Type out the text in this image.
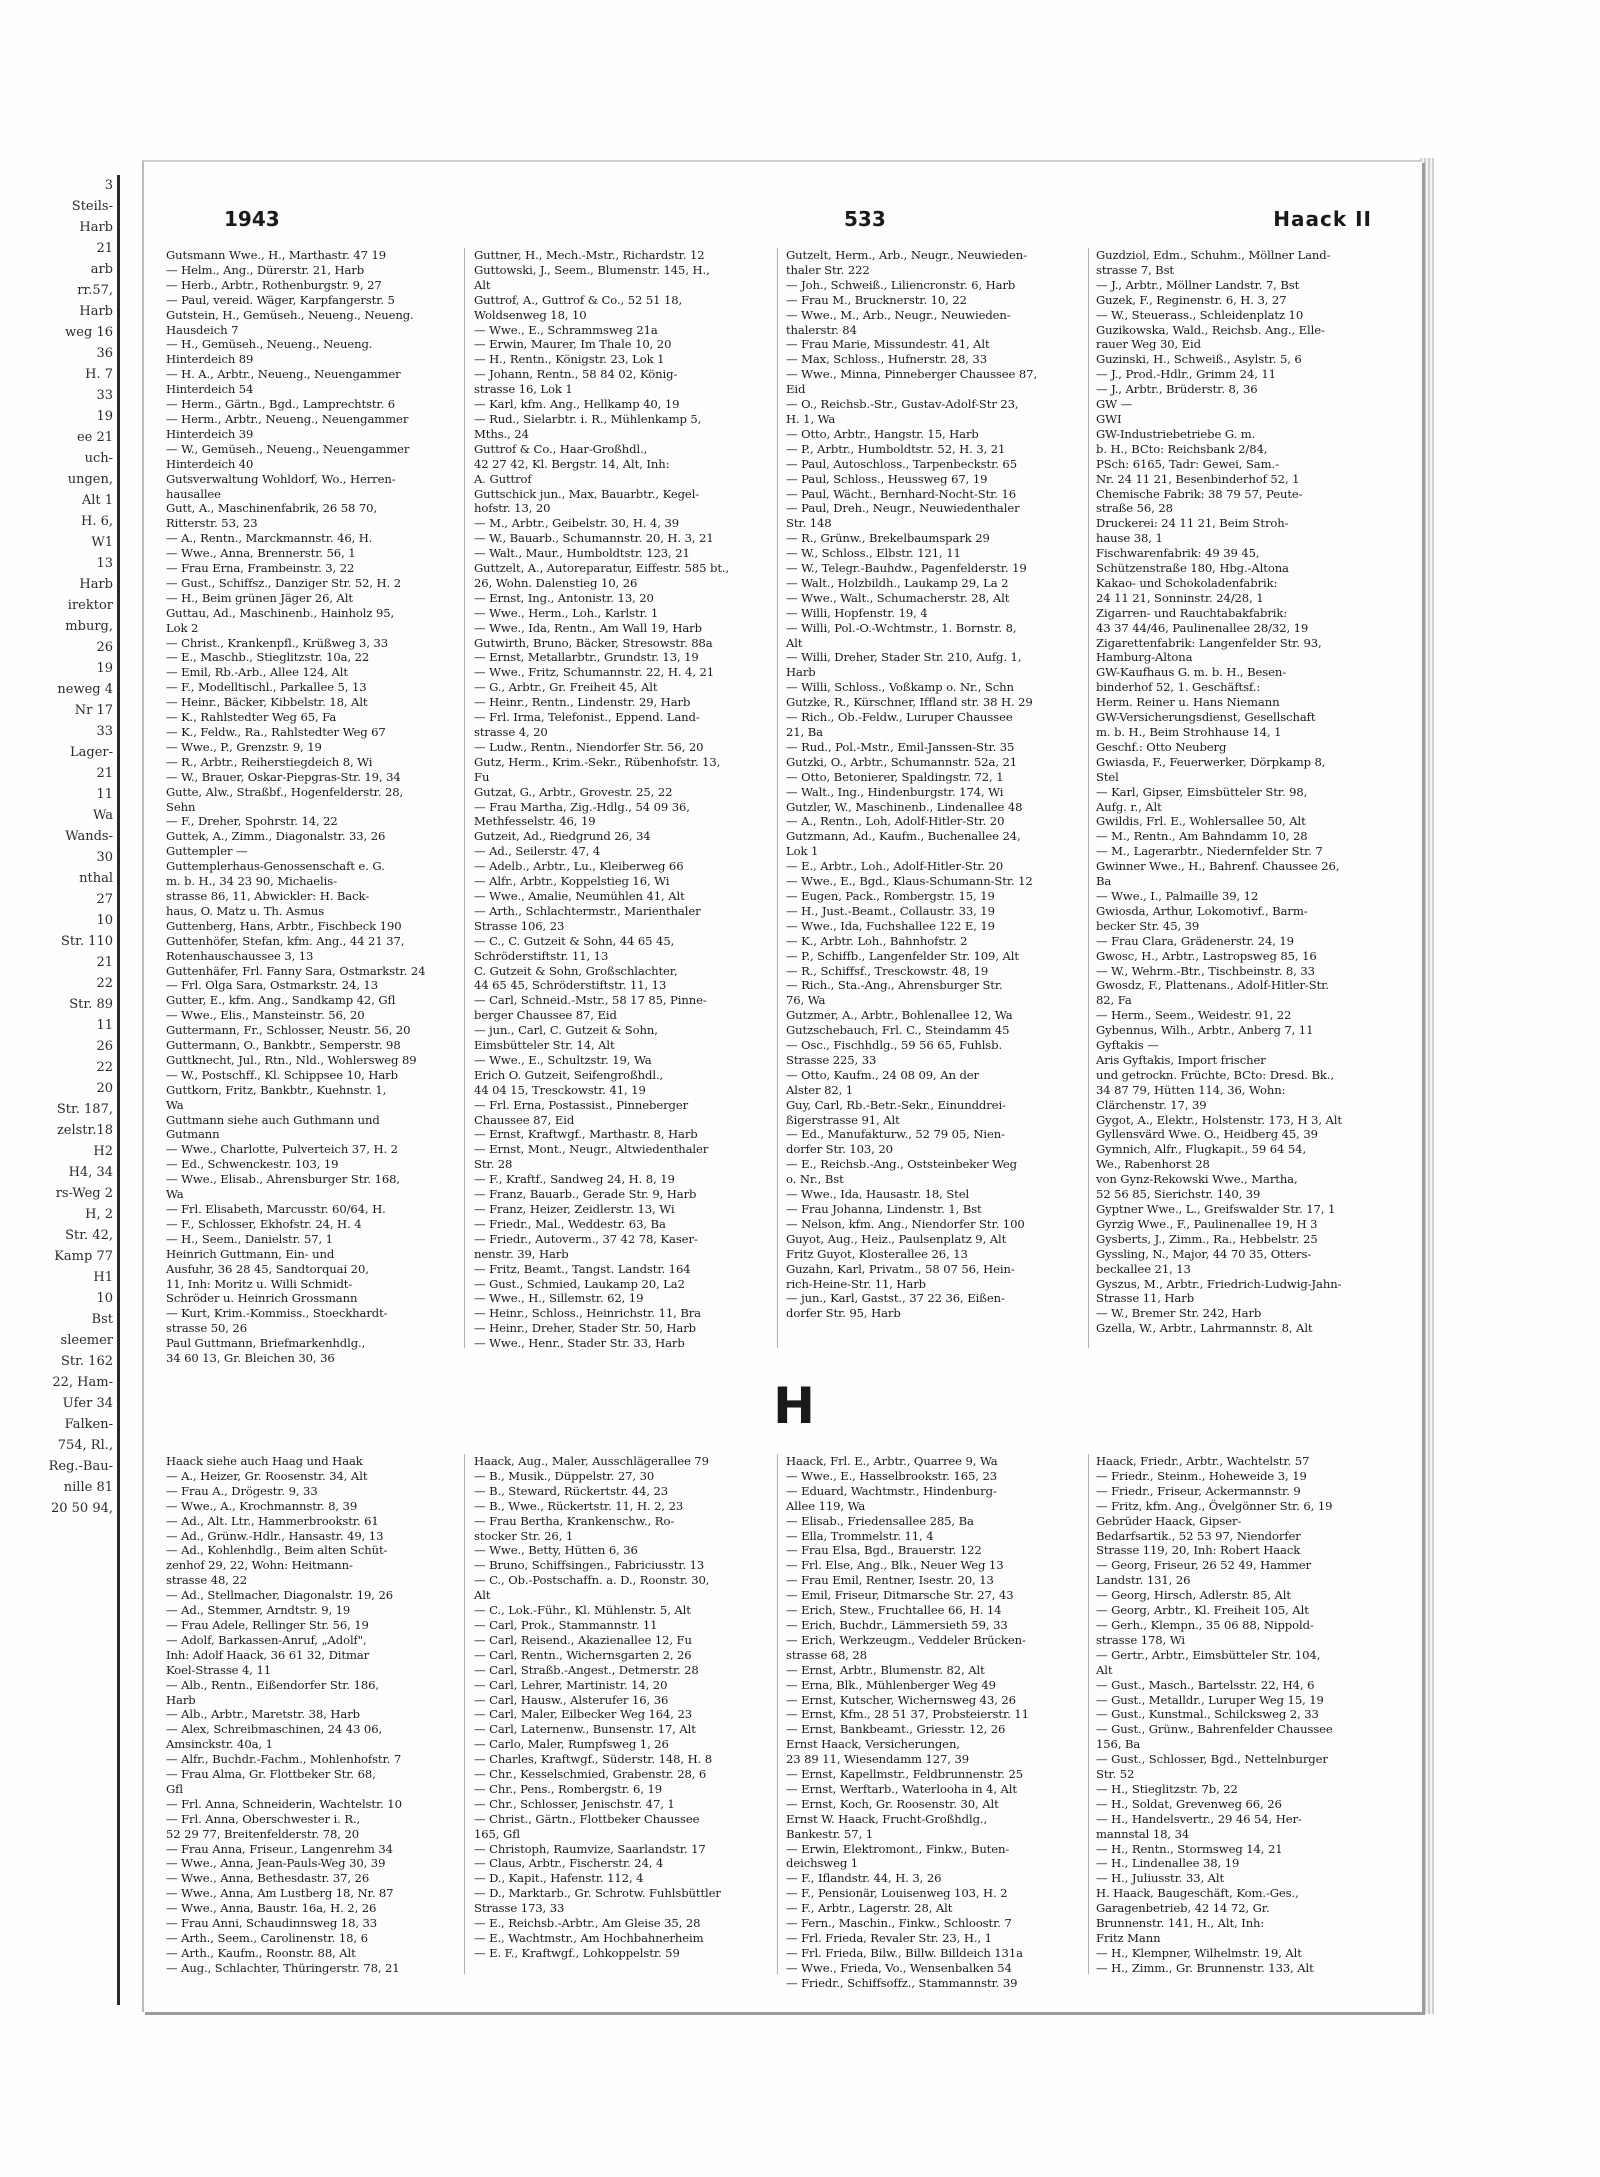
3
Steils-
Harb
21
arb
rr.57,
Harb
weg 16
36
H. 7
33
19
ee 21
uch-
ungen,
Alt 1
H. 6,
W1
13
Harb
irektor
mburg,
26
19
neweg 4
Nr 17
33
Lager-
21
11
Wa
Wands-
30
nthal
27
10
Str. 110
21
22
Str. 89
11
26
22
20
Str. 187,
zelstr.18
H2
H4, 34
rs-Weg 2
H, 2
Str. 42,
Kamp 77
H1
10
Bst
sleemer
Str. 162
22, Ham-
Ufer 34
Falken-
754, Rl.,
Reg.-Bau-
nille 81
20 50 94,
1943	533	Haack II
Gutsmann Wwe., H., Marthastr. 47 19
— Helm., Ang., Dürerstr. 21, Harb
— Herb., Arbtr., Rothenburgstr. 9, 27
— Paul, vereid. Wäger, Karpfangerstr. 5
Gutstein, H., Gemüseh., Neueng., Neueng.
Hausdeich 7
— H., Gemüseh., Neueng., Neueng.
Hinterdeich 89
— H. A., Arbtr., Neueng., Neuengammer
Hinterdeich 54
— Herm., Gärtn., Bgd., Lamprechtstr. 6
— Herm., Arbtr., Neueng., Neuengammer
Hinterdeich 39
— W., Gemüseh., Neueng., Neuengammer
Hinterdeich 40
Gutsverwaltung Wohldorf, Wo., Herren-
hausallee
Gutt, A., Maschinenfabrik, 26 58 70,
Ritterstr. 53, 23
— A., Rentn., Marckmannstr. 46, H.
— Wwe., Anna, Brennerstr. 56, 1
— Frau Erna, Frambeinstr. 3, 22
— Gust., Schiffsz., Danziger Str. 52, H. 2
— H., Beim grünen Jäger 26, Alt
Guttau, Ad., Maschinenb., Hainholz 95,
Lok 2
— Christ., Krankenpfl., Krüßweg 3, 33
— E., Maschb., Stieglitzstr. 10a, 22
— Emil, Rb.-Arb., Allee 124, Alt
— F., Modelltischl., Parkallee 5, 13
— Heinr., Bäcker, Kibbelstr. 18, Alt
— K., Rahlstedter Weg 65, Fa
— K., Feldw., Ra., Rahlstedter Weg 67
— Wwe., P., Grenzstr. 9, 19
— R., Arbtr., Reiherstiegdeich 8, Wi
— W., Brauer, Oskar-Piepgras-Str. 19, 34
Gutte, Alw., Straßbf., Hogenfelderstr. 28,
Sehn
— F., Dreher, Spohrstr. 14, 22
Guttek, A., Zimm., Diagonalstr. 33, 26
Guttempler —
Guttemplerhaus-Genossenschaft e. G.
m. b. H., 34 23 90, Michaelis-
strasse 86, 11, Abwickler: H. Back-
haus, O. Matz u. Th. Asmus
Guttenberg, Hans, Arbtr., Fischbeck 190
Guttenhöfer, Stefan, kfm. Ang., 44 21 37,
Rotenhauschaussee 3, 13
Guttenhäfer, Frl. Fanny Sara, Ostmarkstr. 24
— Frl. Olga Sara, Ostmarkstr. 24, 13
Gutter, E., kfm. Ang., Sandkamp 42, Gfl
— Wwe., Elis., Mansteinstr. 56, 20
Guttermann, Fr., Schlosser, Neustr. 56, 20
Guttermann, O., Bankbtr., Semperstr. 98
Guttknecht, Jul., Rtn., Nld., Wohlersweg 89
— W., Postschff., Kl. Schippsee 10, Harb
Guttkorn, Fritz, Bankbtr., Kuehnstr. 1,
Wa
Guttmann siehe auch Guthmann und
Gutmann
— Wwe., Charlotte, Pulverteich 37, H. 2
— Ed., Schwenckestr. 103, 19
— Wwe., Elisab., Ahrensburger Str. 168,
Wa
— Frl. Elisabeth, Marcusstr. 60/64, H.
— F., Schlosser, Ekhofstr. 24, H. 4
— H., Seem., Danielstr. 57, 1
Heinrich Guttmann, Ein- und
Ausfuhr, 36 28 45, Sandtorquai 20,
11, Inh: Moritz u. Willi Schmidt-
Schröder u. Heinrich Grossmann
— Kurt, Krim.-Kommiss., Stoeckhardt-
strasse 50, 26
Paul Guttmann, Briefmarkenhdlg.,
34 60 13, Gr. Bleichen 30, 36
Guttner, H., Mech.-Mstr., Richardstr. 12
Guttowski, J., Seem., Blumenstr. 145, H.,
Alt
Guttrof, A., Guttrof & Co., 52 51 18,
Woldsenweg 18, 10
— Wwe., E., Schrammsweg 21a
— Erwin, Maurer, Im Thale 10, 20
— H., Rentn., Königstr. 23, Lok 1
— Johann, Rentn., 58 84 02, König-
strasse 16, Lok 1
— Karl, kfm. Ang., Hellkamp 40, 19
— Rud., Sielarbtr. i. R., Mühlenkamp 5,
Mths., 24
Guttrof & Co., Haar-Großhdl.,
42 27 42, Kl. Bergstr. 14, Alt, Inh:
A. Guttrof
Guttschick jun., Max, Bauarbtr., Kegel-
hofstr. 13, 20
— M., Arbtr., Geibelstr. 30, H. 4, 39
— W., Bauarb., Schumannstr. 20, H. 3, 21
— Walt., Maur., Humboldtstr. 123, 21
Guttzelt, A., Autoreparatur, Eiffestr. 585 bt.,
26, Wohn. Dalenstieg 10, 26
— Ernst, Ing., Antonistr. 13, 20
— Wwe., Herm., Loh., Karlstr. 1
— Wwe., Ida, Rentn., Am Wall 19, Harb
Gutwirth, Bruno, Bäcker, Stresowstr. 88a
— Ernst, Metallarbtr., Grundstr. 13, 19
— Wwe., Fritz, Schumannstr. 22, H. 4, 21
— G., Arbtr., Gr. Freiheit 45, Alt
— Heinr., Rentn., Lindenstr. 29, Harb
— Frl. Irma, Telefonist., Eppend. Land-
strasse 4, 20
— Ludw., Rentn., Niendorfer Str. 56, 20
Gutz, Herm., Krim.-Sekr., Rübenhofstr. 13,
Fu
Gutzat, G., Arbtr., Grovestr. 25, 22
— Frau Martha, Zig.-Hdlg., 54 09 36,
Methfesselstr. 46, 19
Gutzeit, Ad., Riedgrund 26, 34
— Ad., Seilerstr. 47, 4
— Adelb., Arbtr., Lu., Kleiberweg 66
— Alfr., Arbtr., Koppelstieg 16, Wi
— Wwe., Amalie, Neumühlen 41, Alt
— Arth., Schlachtermstr., Marienthaler
Strasse 106, 23
— C., C. Gutzeit & Sohn, 44 65 45,
Schröderstiftstr. 11, 13
C. Gutzeit & Sohn, Großschlachter,
44 65 45, Schröderstiftstr. 11, 13
— Carl, Schneid.-Mstr., 58 17 85, Pinne-
berger Chaussee 87, Eid
— jun., Carl, C. Gutzeit & Sohn,
Eimsbütteler Str. 14, Alt
— Wwe., E., Schultzstr. 19, Wa
Erich O. Gutzeit, Seifengroßhdl.,
44 04 15, Tresckowstr. 41, 19
— Frl. Erna, Postassist., Pinneberger
Chaussee 87, Eid
— Ernst, Kraftwgf., Marthastr. 8, Harb
— Ernst, Mont., Neugr., Altwiedenthaler
Str. 28
— F., Kraftf., Sandweg 24, H. 8, 19
— Franz, Bauarb., Gerade Str. 9, Harb
— Franz, Heizer, Zeidlerstr. 13, Wi
— Friedr., Mal., Weddestr. 63, Ba
— Friedr., Autoverm., 37 42 78, Kaser-
nenstr. 39, Harb
— Fritz, Beamt., Tangst. Landstr. 164
— Gust., Schmied, Laukamp 20, La2
— Wwe., H., Sillemstr. 62, 19
— Heinr., Schloss., Heinrichstr. 11, Bra
— Heinr., Dreher, Stader Str. 50, Harb
— Wwe., Henr., Stader Str. 33, Harb
Gutzelt, Herm., Arb., Neugr., Neuwieden-
thaler Str. 222
— Joh., Schweiß., Liliencronstr. 6, Harb
— Frau M., Brucknerstr. 10, 22
— Wwe., M., Arb., Neugr., Neuwieden-
thalerstr. 84
— Frau Marie, Missundestr. 41, Alt
— Max, Schloss., Hufnerstr. 28, 33
— Wwe., Minna, Pinneberger Chaussee 87,
Eid
— O., Reichsb.-Str., Gustav-Adolf-Str 23,
H. 1, Wa
— Otto, Arbtr., Hangstr. 15, Harb
— P., Arbtr., Humboldtstr. 52, H. 3, 21
— Paul, Autoschloss., Tarpenbeckstr. 65
— Paul, Schloss., Heussweg 67, 19
— Paul, Wächt., Bernhard-Nocht-Str. 16
— Paul, Dreh., Neugr., Neuwiedenthaler
Str. 148
— R., Grünw., Brekelbaumspark 29
— W., Schloss., Elbstr. 121, 11
— W., Telegr.-Bauhdw., Pagenfelderstr. 19
— Walt., Holzbildh., Laukamp 29, La 2
— Wwe., Walt., Schumacherstr. 28, Alt
— Willi, Hopfenstr. 19, 4
— Willi, Pol.-O.-Wchtmstr., 1. Bornstr. 8,
Alt
— Willi, Dreher, Stader Str. 210, Aufg. 1,
Harb
— Willi, Schloss., Voßkamp o. Nr., Schn
Gutzke, R., Kürschner, Iffland str. 38 H. 29
— Rich., Ob.-Feldw., Luruper Chaussee
21, Ba
— Rud., Pol.-Mstr., Emil-Janssen-Str. 35
Gutzki, O., Arbtr., Schumannstr. 52a, 21
— Otto, Betonierer, Spaldingstr. 72, 1
— Walt., Ing., Hindenburgstr. 174, Wi
Gutzler, W., Maschinenb., Lindenallee 48
— A., Rentn., Loh, Adolf-Hitler-Str. 20
Gutzmann, Ad., Kaufm., Buchenallee 24,
Lok 1
— E., Arbtr., Loh., Adolf-Hitler-Str. 20
— Wwe., E., Bgd., Klaus-Schumann-Str. 12
— Eugen, Pack., Rombergstr. 15, 19
— H., Just.-Beamt., Collaustr. 33, 19
— Wwe., Ida, Fuchshallee 122 E, 19
— K., Arbtr. Loh., Bahnhofstr. 2
— P., Schiffb., Langenfelder Str. 109, Alt
— R., Schiffsf., Tresckowstr. 48, 19
— Rich., Sta.-Ang., Ahrensburger Str.
76, Wa
Gutzmer, A., Arbtr., Bohlenallee 12, Wa
Gutzschebauch, Frl. C., Steindamm 45
— Osc., Fischhdlg., 59 56 65, Fuhlsb.
Strasse 225, 33
— Otto, Kaufm., 24 08 09, An der
Alster 82, 1
Guy, Carl, Rb.-Betr.-Sekr., Einunddrei-
ßigerstrasse 91, Alt
— Ed., Manufakturw., 52 79 05, Nien-
dorfer Str. 103, 20
— E., Reichsb.-Ang., Oststeinbeker Weg
o. Nr., Bst
— Wwe., Ida, Hausastr. 18, Stel
— Frau Johanna, Lindenstr. 1, Bst
— Nelson, kfm. Ang., Niendorfer Str. 100
Guyot, Aug., Heiz., Paulsenplatz 9, Alt
Fritz Guyot, Klosterallee 26, 13
Guzahn, Karl, Privatm., 58 07 56, Hein-
rich-Heine-Str. 11, Harb
— jun., Karl, Gastst., 37 22 36, Eißen-
dorfer Str. 95, Harb
Guzdziol, Edm., Schuhm., Möllner Land-
strasse 7, Bst
— J., Arbtr., Möllner Landstr. 7, Bst
Guzek, F., Reginenstr. 6, H. 3, 27
— W., Steuerass., Schleidenplatz 10
Guzikowska, Wald., Reichsb. Ang., Elle-
rauer Weg 30, Eid
Guzinski, H., Schweiß., Asylstr. 5, 6
— J., Prod.-Hdlr., Grimm 24, 11
— J., Arbtr., Brüderstr. 8, 36
GW —
GWI
GW-Industriebetriebe G. m.
b. H., BCto: Reichsbank 2/84,
PSch: 6165, Tadr: Gewei, Sam.-
Nr. 24 11 21, Besenbinderhof 52, 1
Chemische Fabrik: 38 79 57, Peute-
straße 56, 28
Druckerei: 24 11 21, Beim Stroh-
hause 38, 1
Fischwarenfabrik: 49 39 45,
Schützenstraße 180, Hbg.-Altona
Kakao- und Schokoladenfabrik:
24 11 21, Sonninstr. 24/28, 1
Zigarren- und Rauchtabakfabrik:
43 37 44/46, Paulinenallee 28/32, 19
Zigarettenfabrik: Langenfelder Str. 93,
Hamburg-Altona
GW-Kaufhaus G. m. b. H., Besen-
binderhof 52, 1. Geschäftsf.:
Herm. Reiner u. Hans Niemann
GW-Versicherungsdienst, Gesellschaft
m. b. H., Beim Strohhause 14, 1
Geschf.: Otto Neuberg
Gwiasda, F., Feuerwerker, Dörpkamp 8,
Stel
— Karl, Gipser, Eimsbütteler Str. 98,
Aufg. r., Alt
Gwildis, Frl. E., Wohlersallee 50, Alt
— M., Rentn., Am Bahndamm 10, 28
— M., Lagerarbtr., Niedernfelder Str. 7
Gwinner Wwe., H., Bahrenf. Chaussee 26,
Ba
— Wwe., I., Palmaille 39, 12
Gwiosda, Arthur, Lokomotivf., Barm-
becker Str. 45, 39
— Frau Clara, Grädenerstr. 24, 19
Gwosc, H., Arbtr., Lastropsweg 85, 16
— W., Wehrm.-Btr., Tischbeinstr. 8, 33
Gwosdz, F., Plattenans., Adolf-Hitler-Str.
82, Fa
— Herm., Seem., Weidestr. 91, 22
Gybennus, Wilh., Arbtr., Anberg 7, 11
Gyftakis —
Aris Gyftakis, Import frischer
und getrockn. Früchte, BCto: Dresd. Bk.,
34 87 79, Hütten 114, 36, Wohn:
Clärchenstr. 17, 39
Gygot, A., Elektr., Holstenstr. 173, H 3, Alt
Gyllensvärd Wwe. O., Heidberg 45, 39
Gymnich, Alfr., Flugkapit., 59 64 54,
We., Rabenhorst 28
von Gynz-Rekowski Wwe., Martha,
52 56 85, Sierichstr. 140, 39
Gyptner Wwe., L., Greifswalder Str. 17, 1
Gyrzig Wwe., F., Paulinenallee 19, H 3
Gysberts, J., Zimm., Ra., Hebbelstr. 25
Gyssling, N., Major, 44 70 35, Otters-
beckallee 21, 13
Gyszus, M., Arbtr., Friedrich-Ludwig-Jahn-
Strasse 11, Harb
— W., Bremer Str. 242, Harb
Gzella, W., Arbtr., Lahrmannstr. 8, Alt
H
Haack siehe auch Haag und Haak
— A., Heizer, Gr. Roosenstr. 34, Alt
— Frau A., Drögestr. 9, 33
— Wwe., A., Krochmannstr. 8, 39
— Ad., Alt. Ltr., Hammerbrookstr. 61
— Ad., Grünw.-Hdlr., Hansastr. 49, 13
— Ad., Kohlenhdlg., Beim alten Schüt-
zenhof 29, 22, Wohn: Heitmann-
strasse 48, 22
— Ad., Stellmacher, Diagonalstr. 19, 26
— Ad., Stemmer, Arndtstr. 9, 19
— Frau Adele, Rellinger Str. 56, 19
— Adolf, Barkassen-Anruf, „Adolf",
Inh: Adolf Haack, 36 61 32, Ditmar
Koel-Strasse 4, 11
— Alb., Rentn., Eißendorfer Str. 186,
Harb
— Alb., Arbtr., Maretstr. 38, Harb
— Alex, Schreibmaschinen, 24 43 06,
Amsinckstr. 40a, 1
— Alfr., Buchdr.-Fachm., Mohlenhofstr. 7
— Frau Alma, Gr. Flottbeker Str. 68,
Gfl
— Frl. Anna, Schneiderin, Wachtelstr. 10
— Frl. Anna, Oberschwester i. R.,
52 29 77, Breitenfelderstr. 78, 20
— Frau Anna, Friseur., Langenrehm 34
— Wwe., Anna, Jean-Pauls-Weg 30, 39
— Wwe., Anna, Bethesdastr. 37, 26
— Wwe., Anna, Am Lustberg 18, Nr. 87
— Wwe., Anna, Baustr. 16a, H. 2, 26
— Frau Anni, Schaudinnsweg 18, 33
— Arth., Seem., Carolinenstr. 18, 6
— Arth., Kaufm., Roonstr. 88, Alt
— Aug., Schlachter, Thüringerstr. 78, 21
Haack, Aug., Maler, Ausschlägerallee 79
— B., Musik., Düppelstr. 27, 30
— B., Steward, Rückertstr. 44, 23
— B., Wwe., Rückertstr. 11, H. 2, 23
— Frau Bertha, Krankenschw., Ro-
stocker Str. 26, 1
— Wwe., Betty, Hütten 6, 36
— Bruno, Schiffsingen., Fabriciusstr. 13
— C., Ob.-Postschaffn. a. D., Roonstr. 30,
Alt
— C., Lok.-Führ., Kl. Mühlenstr. 5, Alt
— Carl, Prok., Stammannstr. 11
— Carl, Reisend., Akazienallee 12, Fu
— Carl, Rentn., Wichernsgarten 2, 26
— Carl, Straßb.-Angest., Detmerstr. 28
— Carl, Lehrer, Martinistr. 14, 20
— Carl, Hausw., Alsterufer 16, 36
— Carl, Maler, Eilbecker Weg 164, 23
— Carl, Laternenw., Bunsenstr. 17, Alt
— Carlo, Maler, Rumpfsweg 1, 26
— Charles, Kraftwgf., Süderstr. 148, H. 8
— Chr., Kesselschmied, Grabenstr. 28, 6
— Chr., Pens., Rombergstr. 6, 19
— Chr., Schlosser, Jenischstr. 47, 1
— Christ., Gärtn., Flottbeker Chaussee
165, Gfl
— Christoph, Raumvize, Saarlandstr. 17
— Claus, Arbtr., Fischerstr. 24, 4
— D., Kapit., Hafenstr. 112, 4
— D., Marktarb., Gr. Schrotw. Fuhlsbüttler
Strasse 173, 33
— E., Reichsb.-Arbtr., Am Gleise 35, 28
— E., Wachtmstr., Am Hochbahnerheim
— E. F., Kraftwgf., Lohkoppelstr. 59
Haack, Frl. E., Arbtr., Quarree 9, Wa
— Wwe., E., Hasselbrookstr. 165, 23
— Eduard, Wachtmstr., Hindenburg-
Allee 119, Wa
— Elisab., Friedensallee 285, Ba
— Ella, Trommelstr. 11, 4
— Frau Elsa, Bgd., Brauerstr. 122
— Frl. Else, Ang., Blk., Neuer Weg 13
— Frau Emil, Rentner, Isestr. 20, 13
— Emil, Friseur, Ditmarsche Str. 27, 43
— Erich, Stew., Fruchtallee 66, H. 14
— Erich, Buchdr., Lämmersieth 59, 33
— Erich, Werkzeugm., Veddeler Brücken-
strasse 68, 28
— Ernst, Arbtr., Blumenstr. 82, Alt
— Erna, Blk., Mühlenberger Weg 49
— Ernst, Kutscher, Wichernsweg 43, 26
— Ernst, Kfm., 28 51 37, Probsteierstr. 11
— Ernst, Bankbeamt., Griesstr. 12, 26
Ernst Haack, Versicherungen,
23 89 11, Wiesendamm 127, 39
— Ernst, Kapellmstr., Feldbrunnenstr. 25
— Ernst, Werftarb., Waterlooha in 4, Alt
— Ernst, Koch, Gr. Roosenstr. 30, Alt
Ernst W. Haack, Frucht-Großhdlg.,
Bankestr. 57, 1
— Erwin, Elektromont., Finkw., Buten-
deichsweg 1
— F., Iflandstr. 44, H. 3, 26
— F., Pensionär, Louisenweg 103, H. 2
— F., Arbtr., Lagerstr. 28, Alt
— Fern., Maschin., Finkw., Schloostr. 7
— Frl. Frieda, Revaler Str. 23, H., 1
— Frl. Frieda, Bilw., Billw. Billdeich 131a
— Wwe., Frieda, Vo., Wensenbalken 54
— Friedr., Schiffsoffz., Stammannstr. 39
Haack, Friedr., Arbtr., Wachtelstr. 57
— Friedr., Steinm., Hoheweide 3, 19
— Friedr., Friseur, Ackermannstr. 9
— Fritz, kfm. Ang., Övelgönner Str. 6, 19
Gebrüder Haack, Gipser-
Bedarfsartik., 52 53 97, Niendorfer
Strasse 119, 20, Inh: Robert Haack
— Georg, Friseur, 26 52 49, Hammer
Landstr. 131, 26
— Georg, Hirsch, Adlerstr. 85, Alt
— Georg, Arbtr., Kl. Freiheit 105, Alt
— Gerh., Klempn., 35 06 88, Nippold-
strasse 178, Wi
— Gertr., Arbtr., Eimsbütteler Str. 104,
Alt
— Gust., Masch., Bartelsstr. 22, H4, 6
— Gust., Metalldr., Luruper Weg 15, 19
— Gust., Kunstmal., Schilcksweg 2, 33
— Gust., Grünw., Bahrenfelder Chaussee
156, Ba
— Gust., Schlosser, Bgd., Nettelnburger
Str. 52
— H., Stieglitzstr. 7b, 22
— H., Soldat, Grevenweg 66, 26
— H., Handelsvertr., 29 46 54, Her-
mannstal 18, 34
— H., Rentn., Stormsweg 14, 21
— H., Lindenallee 38, 19
— H., Juliusstr. 33, Alt
H. Haack, Baugeschäft, Kom.-Ges.,
Garagenbetrieb, 42 14 72, Gr.
Brunnenstr. 141, H., Alt, Inh:
Fritz Mann
— H., Klempner, Wilhelmstr. 19, Alt
— H., Zimm., Gr. Brunnenstr. 133, Alt
